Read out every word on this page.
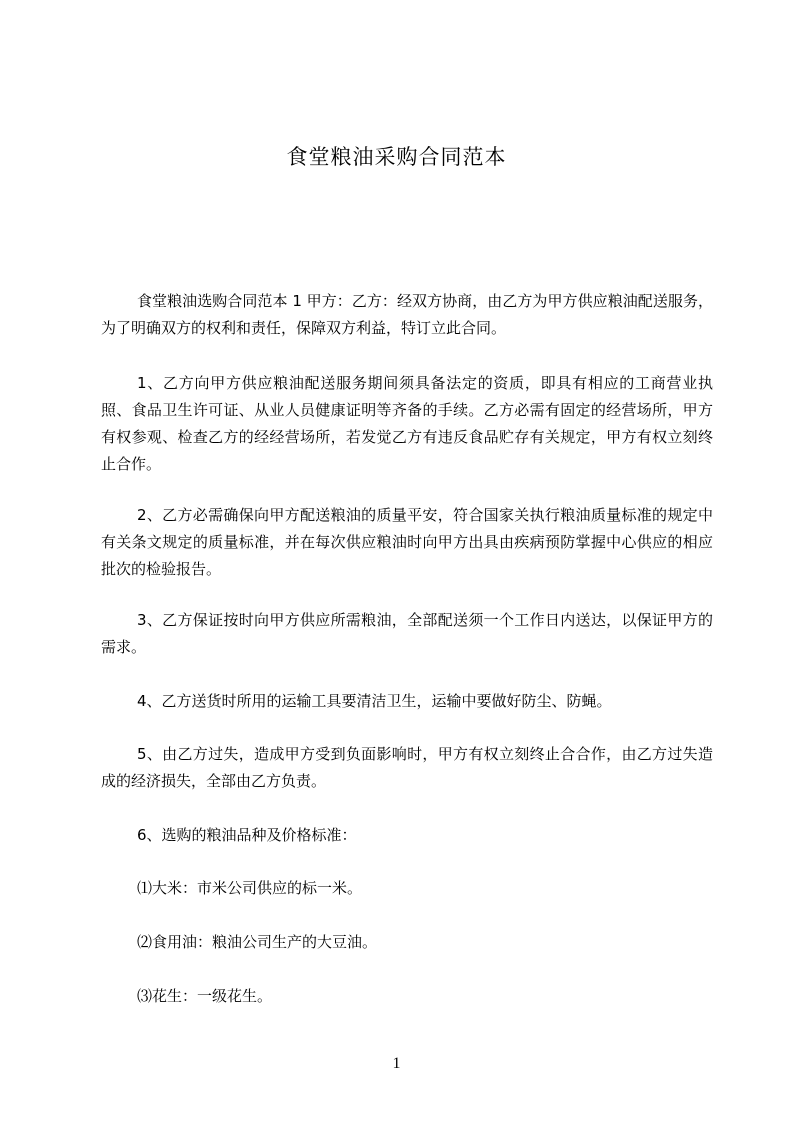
食堂粮油采购合同范本

食堂粮油选购合同范本 1 甲方：乙方：经双方协商，由乙方为甲方供应粮油配送服务，为了明确双方的权利和责任，保障双方利益，特订立此合同。

1、乙方向甲方供应粮油配送服务期间须具备法定的资质，即具有相应的工商营业执照、食品卫生许可证、从业人员健康证明等齐备的手续。乙方必需有固定的经营场所，甲方有权参观、检查乙方的经经营场所，若发觉乙方有违反食品贮存有关规定，甲方有权立刻终止合作。

2、乙方必需确保向甲方配送粮油的质量平安，符合国家关执行粮油质量标准的规定中有关条文规定的质量标准，并在每次供应粮油时向甲方出具由疾病预防掌握中心供应的相应批次的检验报告。

3、乙方保证按时向甲方供应所需粮油，全部配送须一个工作日内送达，以保证甲方的需求。

4、乙方送货时所用的运输工具要清洁卫生，运输中要做好防尘、防蝇。

5、由乙方过失，造成甲方受到负面影响时，甲方有权立刻终止合合作，由乙方过失造成的经济损失，全部由乙方负责。

6、选购的粮油品种及价格标准：

⑴大米：市米公司供应的标一米。

⑵食用油：粮油公司生产的大豆油。

⑶花生：一级花生。

1
